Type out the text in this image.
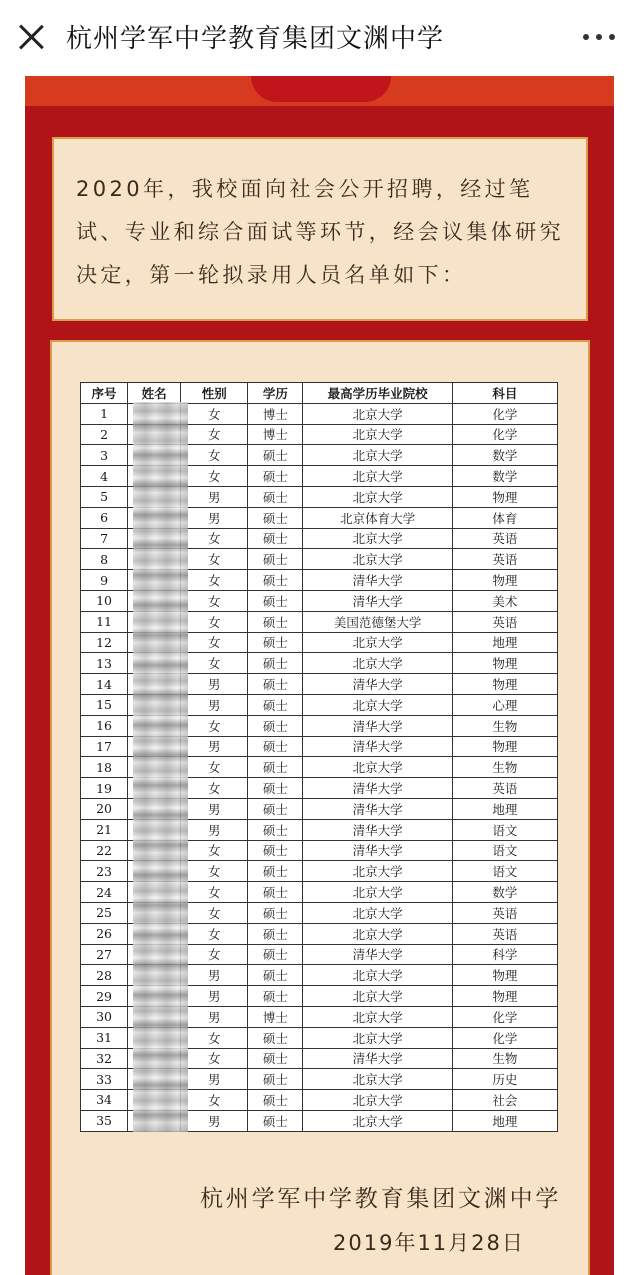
杭州学军中学教育集团文渊中学
2020年，我校面向社会公开招聘，经过笔试、专业和综合面试等环节，经会议集体研究决定，第一轮拟录用人员名单如下：
序号	姓名	性别	学历	最高学历毕业院校	科目
1		女	博士	北京大学	化学
2		女	博士	北京大学	化学
3		女	硕士	北京大学	数学
4		女	硕士	北京大学	数学
5		男	硕士	北京大学	物理
6		男	硕士	北京体育大学	体育
7		女	硕士	北京大学	英语
8		女	硕士	北京大学	英语
9		女	硕士	清华大学	物理
10		女	硕士	清华大学	美术
11		女	硕士	美国范德堡大学	英语
12		女	硕士	北京大学	地理
13		女	硕士	北京大学	物理
14		男	硕士	清华大学	物理
15		男	硕士	北京大学	心理
16		女	硕士	清华大学	生物
17		男	硕士	清华大学	物理
18		女	硕士	北京大学	生物
19		女	硕士	清华大学	英语
20		男	硕士	清华大学	地理
21		男	硕士	清华大学	语文
22		女	硕士	清华大学	语文
23		女	硕士	北京大学	语文
24		女	硕士	北京大学	数学
25		女	硕士	北京大学	英语
26		女	硕士	北京大学	英语
27		女	硕士	清华大学	科学
28		男	硕士	北京大学	物理
29		男	硕士	北京大学	物理
30		男	博士	北京大学	化学
31		女	硕士	北京大学	化学
32		女	硕士	清华大学	生物
33		男	硕士	北京大学	历史
34		女	硕士	北京大学	社会
35		男	硕士	北京大学	地理
杭州学军中学教育集团文渊中学
2019年11月28日
